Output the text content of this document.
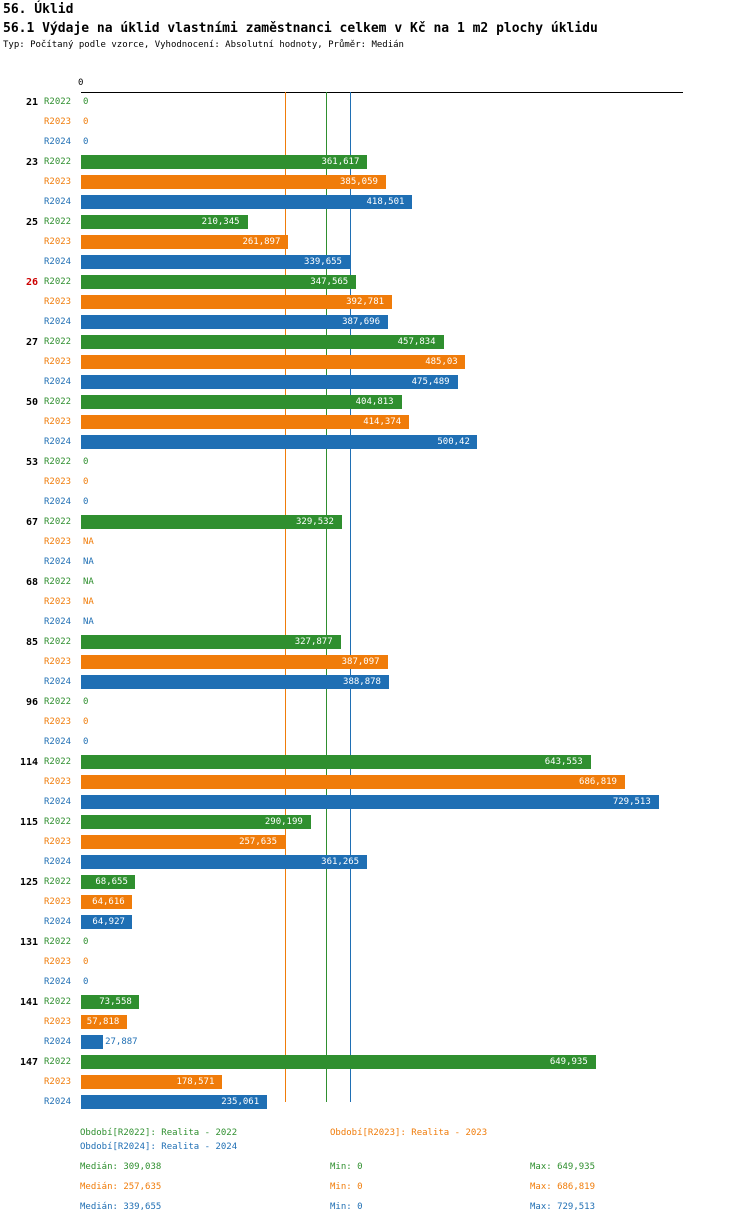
56. Úklid
56.1 Výdaje na úklid vlastními zaměstnanci celkem v Kč na 1 m2 plochy úklidu
Typ: Počítaný podle vzorce, Vyhodnocení: Absolutní hodnoty, Průměr: Medián
0
21 R2022 0
R2023 0
R2024 0
23 R2022	361,617
R2023	385,059
R2024	418,501
25 R2022	210,345
R2023	261,897
R2024	339,655
26 R2022	347,565
R2023	392,781
R2024	387,696
27 R2022	457,834
R2023	485,03
R2024	475,489
50 R2022	404,813
R2023	414,374
R2024	500,42
53 R2022 0
R2023 0
R2024 0
67 R2022	329,532
R2023 NA
R2024 NA
68 R2022 NA
R2023 NA
R2024 NA
85 R2022	327,877
R2023	387,097
R2024	388,878
96 R2022 0
R2023 0
R2024 0
114 R2022	643,553
R2023	686,819
R2024	729,513
115 R2022	290,199
R2023	257,635
R2024	361,265
125 R2022	68,655
R2023 64,616
R2024 64,927
131 R2022 0
R2023 0
R2024 0
141 R2022	73,558
R2023 57,818
R2024	27,887
147 R2022	649,935
R2023	178,571
R2024	235,061
Období[R2022]: Realita - 2022	Období[R2023]: Realita - 2023
Období[R2024]: Realita - 2024
Medián: 309,038	Min: 0	Max: 649,935
Medián: 257,635	Min: 0	Max: 686,819
Medián: 339,655	Min: 0	Max: 729,513
